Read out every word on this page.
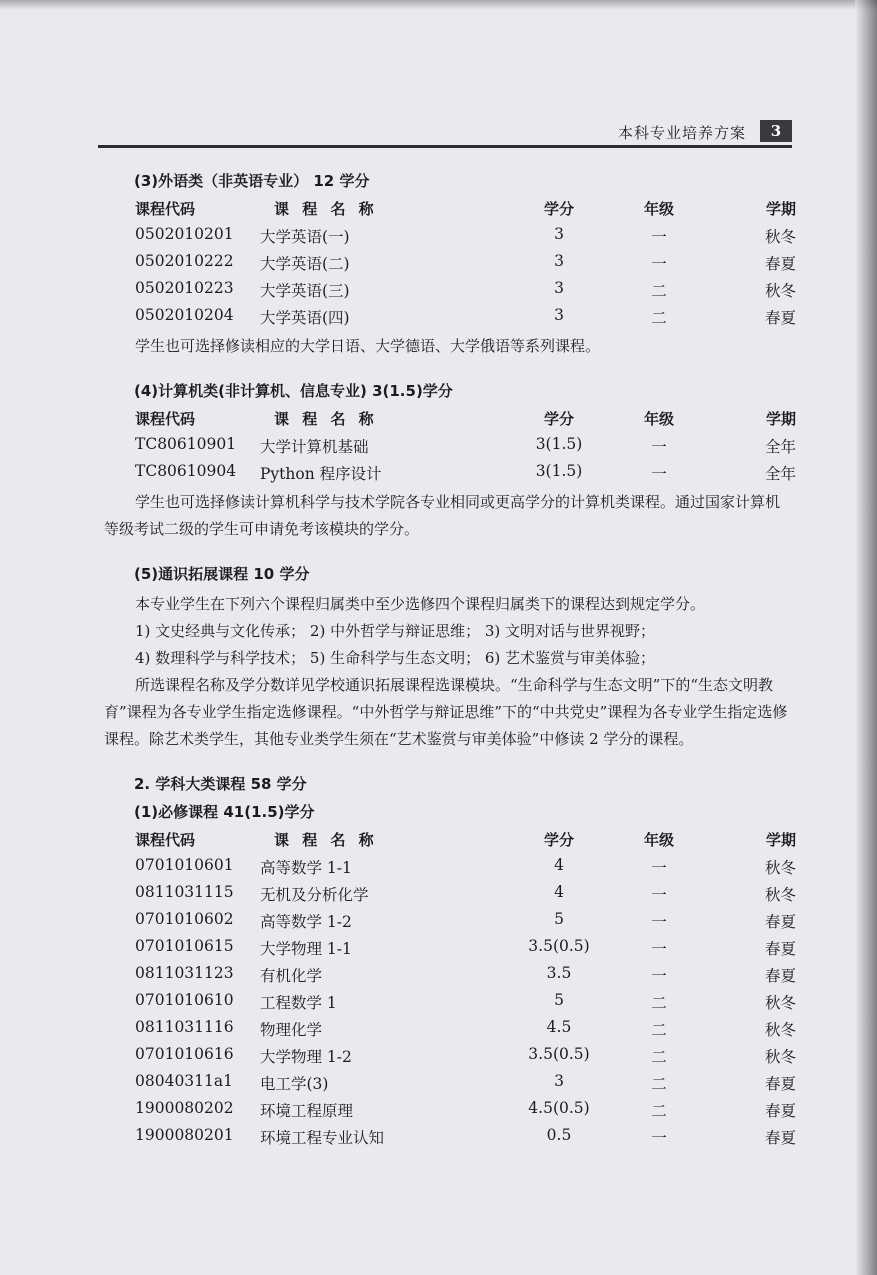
本科专业培养方案	3
(3)外语类（非英语专业） 12 学分
课程代码	课 程 名 称	学分	年级	学期
0502010201 大学英语(一)	3	一	秋冬
0502010222 大学英语(二)	3	一	春夏
0502010223 大学英语(三)	3	二	秋冬
0502010204 大学英语(四)	3	二	春夏

学生也可选择修读相应的大学日语、大学德语、大学俄语等系列课程。

(4)计算机类(非计算机、信息专业) 3(1.5)学分
课程代码	课 程 名 称	学分	年级	学期
TC80610901 大学计算机基础	3(1.5)	一	全年
TC80610904 Python 程序设计	3(1.5)	一	全年

学生也可选择修读计算机科学与技术学院各专业相同或更高学分的计算机类课程。通过国家计算机等级考试二级的学生可申请免考该模块的学分。

(5)通识拓展课程 10 学分

本专业学生在下列六个课程归属类中至少选修四个课程归属类下的课程达到规定学分。

1) 文史经典与文化传承； 2) 中外哲学与辩证思维； 3) 文明对话与世界视野；

4) 数理科学与科学技术； 5) 生命科学与生态文明； 6) 艺术鉴赏与审美体验；

所选课程名称及学分数详见学校通识拓展课程选课模块。“生命科学与生态文明”下的“生态文明教育”课程为各专业学生指定选修课程。“中外哲学与辩证思维”下的“中共党史”课程为各专业学生指定选修课程。除艺术类学生，其他专业类学生须在“艺术鉴赏与审美体验”中修读 2 学分的课程。

2. 学科大类课程 58 学分
(1)必修课程 41(1.5)学分
课程代码	课 程 名 称	学分	年级	学期
0701010601 高等数学 1-1	4	一	秋冬
0811031115 无机及分析化学	4	一	秋冬
0701010602 高等数学 1-2	5	一	春夏
0701010615 大学物理 1-1	3.5(0.5)	一	春夏
0811031123 有机化学	3.5	一	春夏
0701010610 工程数学 1	5	二	秋冬
0811031116 物理化学	4.5	二	秋冬
0701010616 大学物理 1-2	3.5(0.5)	二	秋冬
08040311a1 电工学(3)	3	二	春夏
1900080202 环境工程原理	4.5(0.5)	二	春夏
1900080201 环境工程专业认知	0.5	一	春夏
